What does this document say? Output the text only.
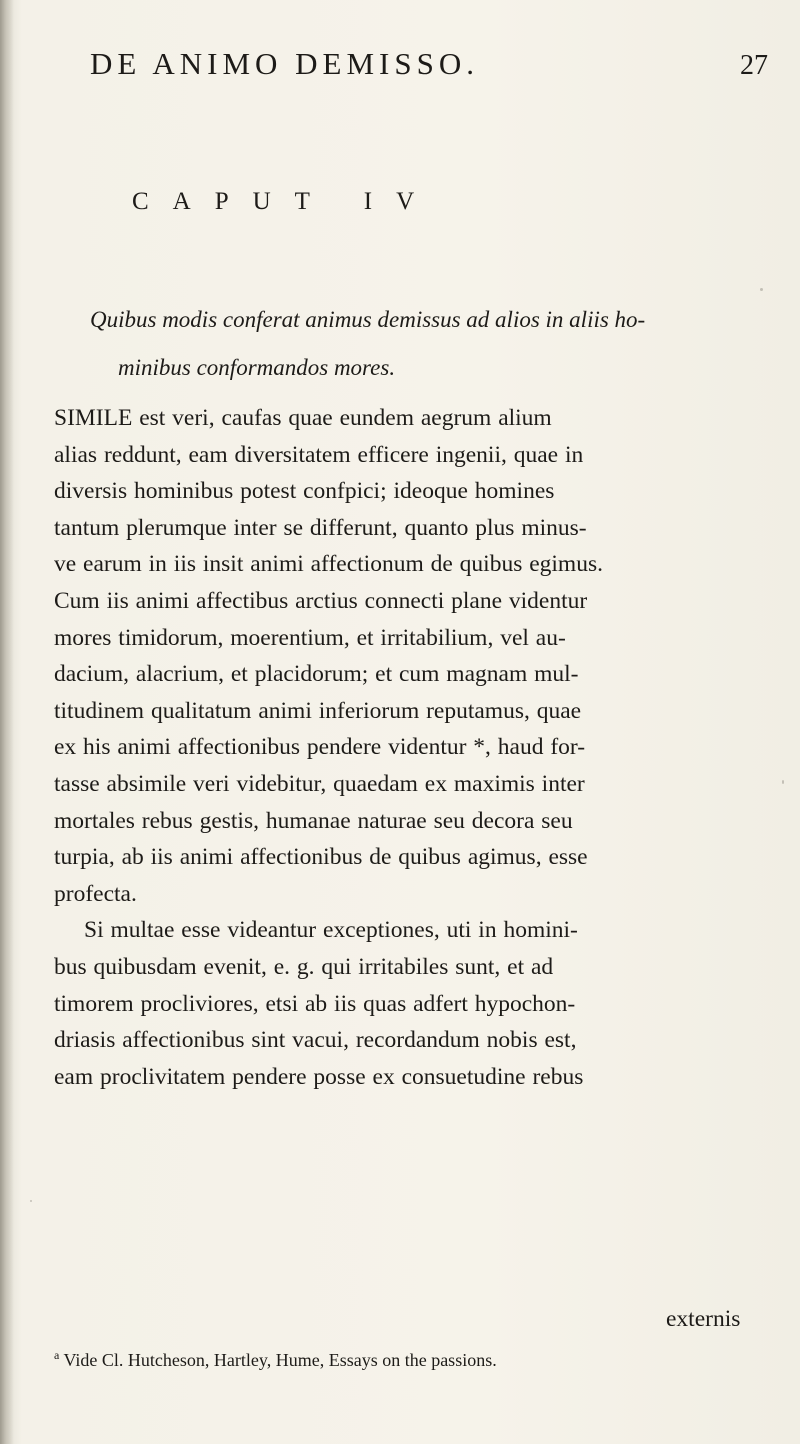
DE ANIMO DEMISSO.	27
CAPUT IV
Quibus modis conferat animus demissus ad alios in aliis ho-
minibus conformandos mores.
SIMILE est veri, caufas quae eundem aegrum alium
alias reddunt, eam diversitatem efficere ingenii, quae in
diversis hominibus potest confpici; ideoque homines
tantum plerumque inter se differunt, quanto plus minus-
ve earum in iis insit animi affectionum de quibus egimus.
Cum iis animi affectibus arctius connecti plane videntur
mores timidorum, moerentium, et irritabilium, vel au-
dacium, alacrium, et placidorum; et cum magnam mul-
titudinem qualitatum animi inferiorum reputamus, quae
ex his animi affectionibus pendere videntur *, haud for-
tasse absimile veri videbitur, quaedam ex maximis inter
mortales rebus gestis, humanae naturae seu decora seu
turpia, ab iis animi affectionibus de quibus agimus, esse
profecta.
Si multae esse videantur exceptiones, uti in homini-
bus quibusdam evenit, e. g. qui irritabiles sunt, et ad
timorem procliviores, etsi ab iis quas adfert hypochon-
driasis affectionibus sint vacui, recordandum nobis est,
eam proclivitatem pendere posse ex consuetudine rebus
externis
$^a$ Vide Cl. Hutcheson, Hartley, Hume, Essays on the passions.
